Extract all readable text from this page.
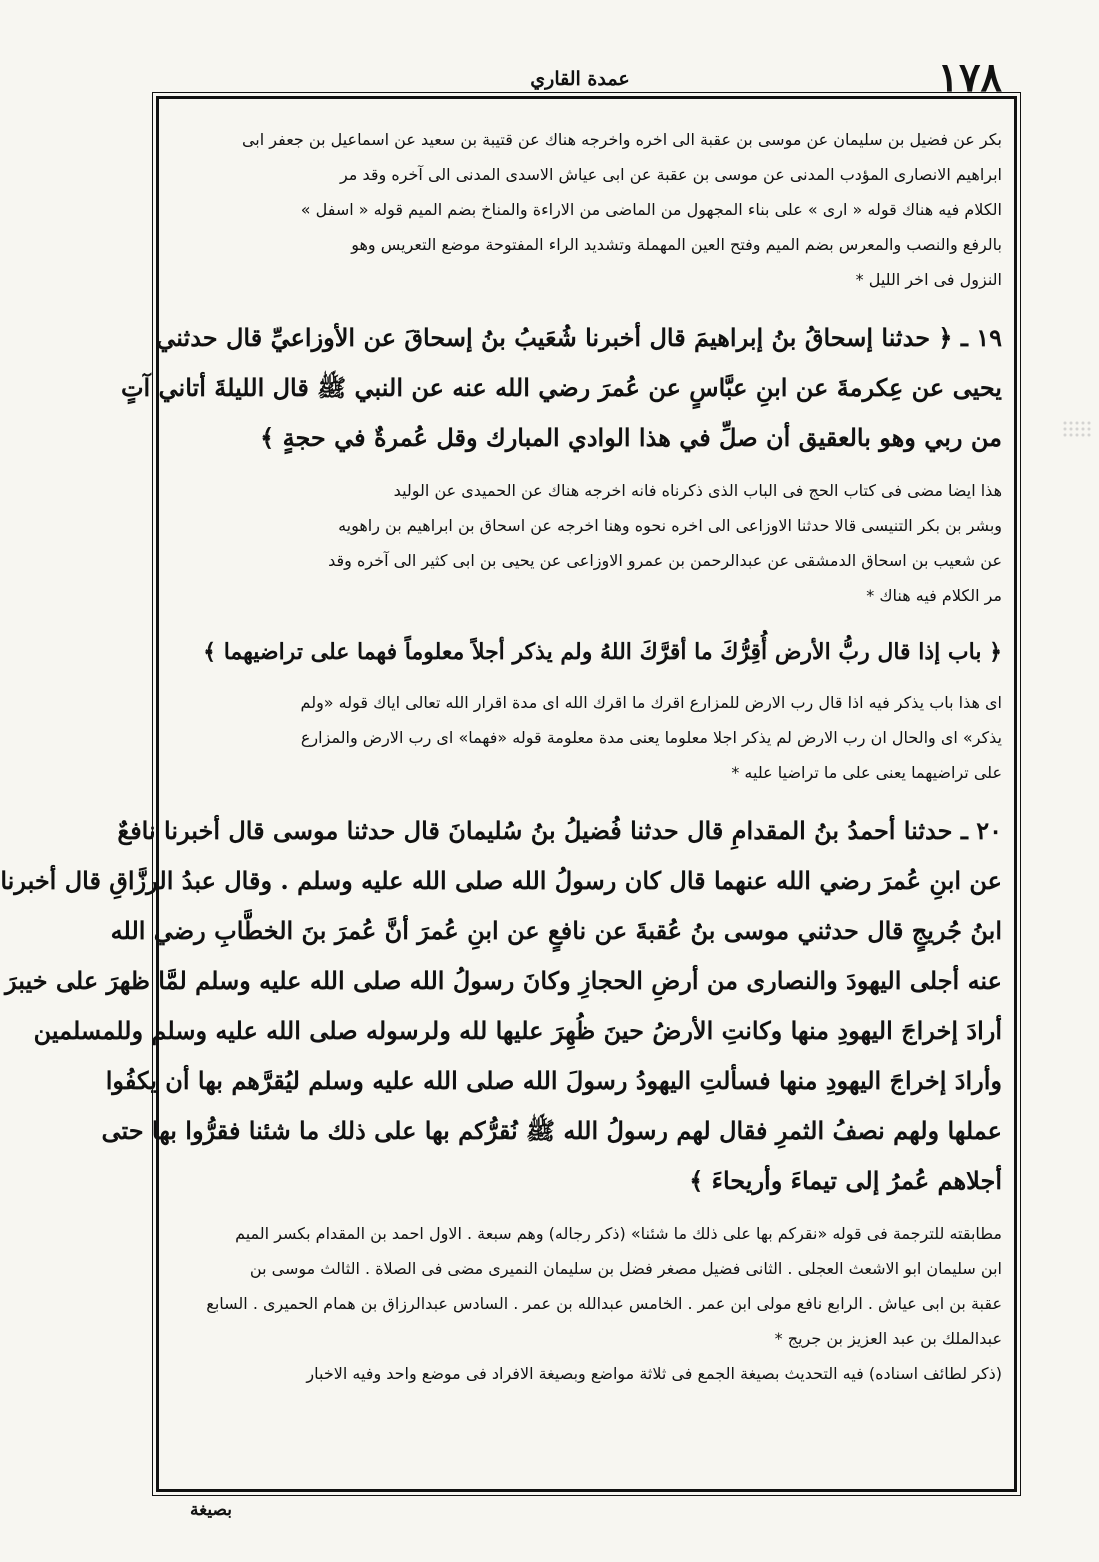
١٧٨
عمدة القاري
بكر عن فضيل بن سليمان عن موسى بن عقبة الى اخره واخرجه هناك عن قتيبة بن سعيد عن اسماعيل بن جعفر ابى
ابراهيم الانصارى المؤدب المدنى عن موسى بن عقبة عن ابى عياش الاسدى المدنى الى آخره وقد مر
الكلام فيه هناك قوله « ارى » على بناء المجهول من الماضى من الاراءة والمناخ بضم الميم قوله « اسفل »
بالرفع والنصب والمعرس بضم الميم وفتح العين المهملة وتشديد الراء المفتوحة موضع التعريس وهو
النزول فى اخر الليل *
١٩ ـ ﴿ حدثنا إسحاقُ بنُ إبراهيمَ قال أخبرنا شُعَيبُ بنُ إسحاقَ عن الأوزاعيِّ قال حدثني
يحيى عن عِكرمةَ عن ابنِ عبَّاسٍ عن عُمرَ رضي الله عنه عن النبي ﷺ قال الليلةَ أتاني آتٍ
من ربي وهو بالعقيق أن صلِّ في هذا الوادي المبارك وقل عُمرةٌ في حجةٍ ﴾
هذا ايضا مضى فى كتاب الحج فى الباب الذى ذكرناه فانه اخرجه هناك عن الحميدى عن الوليد
وبشر بن بكر التنيسى قالا حدثنا الاوزاعى الى اخره نحوه وهنا اخرجه عن اسحاق بن ابراهيم بن راهويه
عن شعيب بن اسحاق الدمشقى عن عبدالرحمن بن عمرو الاوزاعى عن يحيى بن ابى كثير الى آخره وقد
مر الكلام فيه هناك *
﴿ باب إذا قال ربُّ الأرض أُقِرُّكَ ما أقرَّكَ اللهُ ولم يذكر أجلاً معلوماً فهما على تراضيهما ﴾
اى هذا باب يذكر فيه اذا قال رب الارض للمزارع اقرك ما اقرك الله اى مدة اقرار الله تعالى اياك قوله «ولم
يذكر» اى والحال ان رب الارض لم يذكر اجلا معلوما يعنى مدة معلومة قوله «فهما» اى رب الارض والمزارع
على تراضيهما يعنى على ما تراضيا عليه *
٢٠ ـ حدثنا أحمدُ بنُ المقدامِ قال حدثنا فُضيلُ بنُ سُليمانَ قال حدثنا موسى قال أخبرنا نافعٌ
عن ابنِ عُمرَ رضي الله عنهما قال كان رسولُ الله صلى الله عليه وسلم . وقال عبدُ الرزَّاقِ قال أخبرنا
ابنُ جُريجٍ قال حدثني موسى بنُ عُقبةَ عن نافعٍ عن ابنِ عُمرَ أنَّ عُمرَ بنَ الخطَّابِ رضي الله
عنه أجلى اليهودَ والنصارى من أرضِ الحجازِ وكانَ رسولُ الله صلى الله عليه وسلم لمَّا ظهرَ على خيبرَ
أرادَ إخراجَ اليهودِ منها وكانتِ الأرضُ حينَ ظُهِرَ عليها لله ولرسوله صلى الله عليه وسلم وللمسلمين
وأرادَ إخراجَ اليهودِ منها فسألتِ اليهودُ رسولَ الله صلى الله عليه وسلم ليُقرَّهم بها أن يكفُوا
عملها ولهم نصفُ الثمرِ فقال لهم رسولُ الله ﷺ نُقرُّكم بها على ذلك ما شئنا فقرُّوا بها حتى
أجلاهم عُمرُ إلى تيماءَ وأريحاءَ ﴾
مطابقته للترجمة فى قوله «نقركم بها على ذلك ما شئنا» (ذكر رجاله) وهم سبعة . الاول احمد بن المقدام بكسر الميم
ابن سليمان ابو الاشعث العجلى . الثانى فضيل مصغر فضل بن سليمان النميرى مضى فى الصلاة . الثالث موسى بن
عقبة بن ابى عياش . الرابع نافع مولى ابن عمر . الخامس عبدالله بن عمر . السادس عبدالرزاق بن همام الحميرى . السابع
عبدالملك بن عبد العزيز بن جريج *
(ذكر لطائف اسناده) فيه التحديث بصيغة الجمع فى ثلاثة مواضع وبصيغة الافراد فى موضع واحد وفيه الاخبار
بصيغة
